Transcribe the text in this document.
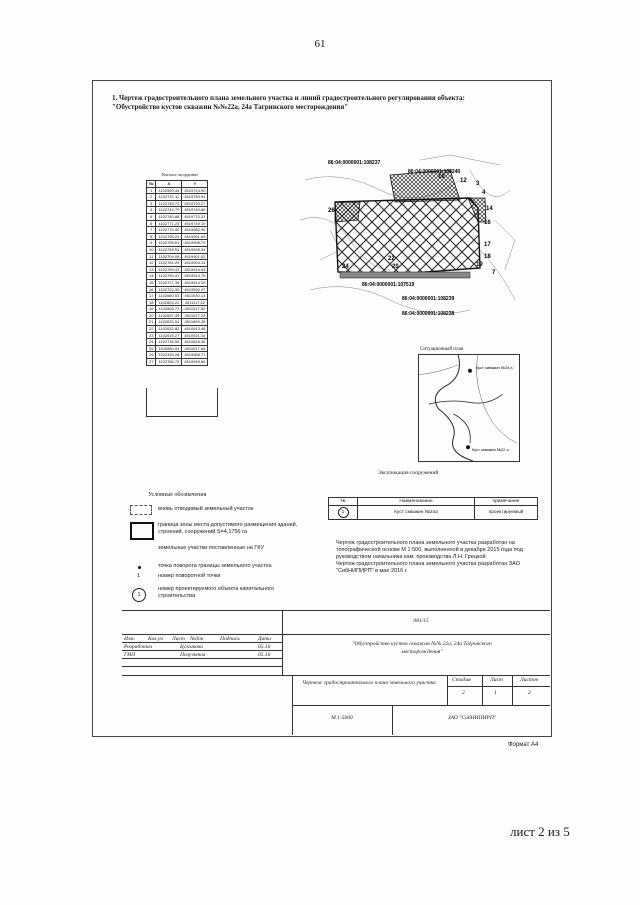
61
1. Чертеж градостроительного плана земельного участка и линий градостроительного регулирования объекта: "Обустройство кустов скважин №№22а, 24а Тагринского месторождения"
Каталог координат
№	X	Y
1	1102599.44	4519724.90
2	1102737.11	4519750.91
3	1102745.72	4519720.27
4	1102744.79	4519740.80
5	1102740.88	4519770.31
6	1102771.23	4519749.19
7	1102770.40	4519982.96
8	1102795.24	4519991.69
9	1102795.61	4519998.79
10	1102759.91	4519928.34
11	1102709.08	4519901.02
12	1102781.29	4519904.14
13	1102759.41	4519914.53
14	1102750.41	4519914.75
15	1102727.39	4519914.59
16	1102722.30	4519590.97
17	1102660.53	4511030.13
18	1102604.22	4511117.62
19	1102605.72	4511017.52
20	1102657.49	4511017.23
21	1102632.54	4511899.38
22	1102632.82	4510913.46
23	1102615.27	4510921.44
24	1102736.55	4510818.46
25	1102650.04	4511017.66
26	1102493.28	4519958.77
27	1102766.72	4519949.86
86:04:0000001:108237
86:04:0000001:108240
86:04:0000001:107519
86:04:0000001:108239
86:04:0000001:108238
10
12 3
4
14
16
17
18
19
20
22
24
26
7
Ситуационный план
Куст скважин №24 а
Куст скважин №22 а
Экспликация сооружений
№	Наименование	примечание
1	Куст скважин №24а	проектируемый
Условные обозначения
вновь отводимый земельный участок
граница зоны места допустимого размещения зданий, строений, сооружений S=4,1756 га
земельные участки поставленные на ГКУ
точка поворота границы земельного участка
1	номер поворотной точки
1
номер проектируемого объекта капитального строительства
Чертеж градостроительного плана земельного участка разработан на топографической основе М 1:500, выполненной в декабре 2015 года под руководством начальника кам. производства Л.Н. Грецкой
Чертеж градостроительного плана земельного участка разработан ЗАО "СибНИПИРП" в мае 2016 г.
081/15
Изм. Кол.уч Лист №док	Подпись	Дата
Разработал	Булгакова	05.16
ГИП	Полуэктов	05.16
"Обустройство кустов скважин №№ 22а, 24а Тагринского месторождения"
Чертеж градостроительного плана земельного участка	Стадия	Лист	Листов
2	1	2
М 1:5000	ЗАО "СибНИПИРП"
Формат А4
лист 2 из 5
